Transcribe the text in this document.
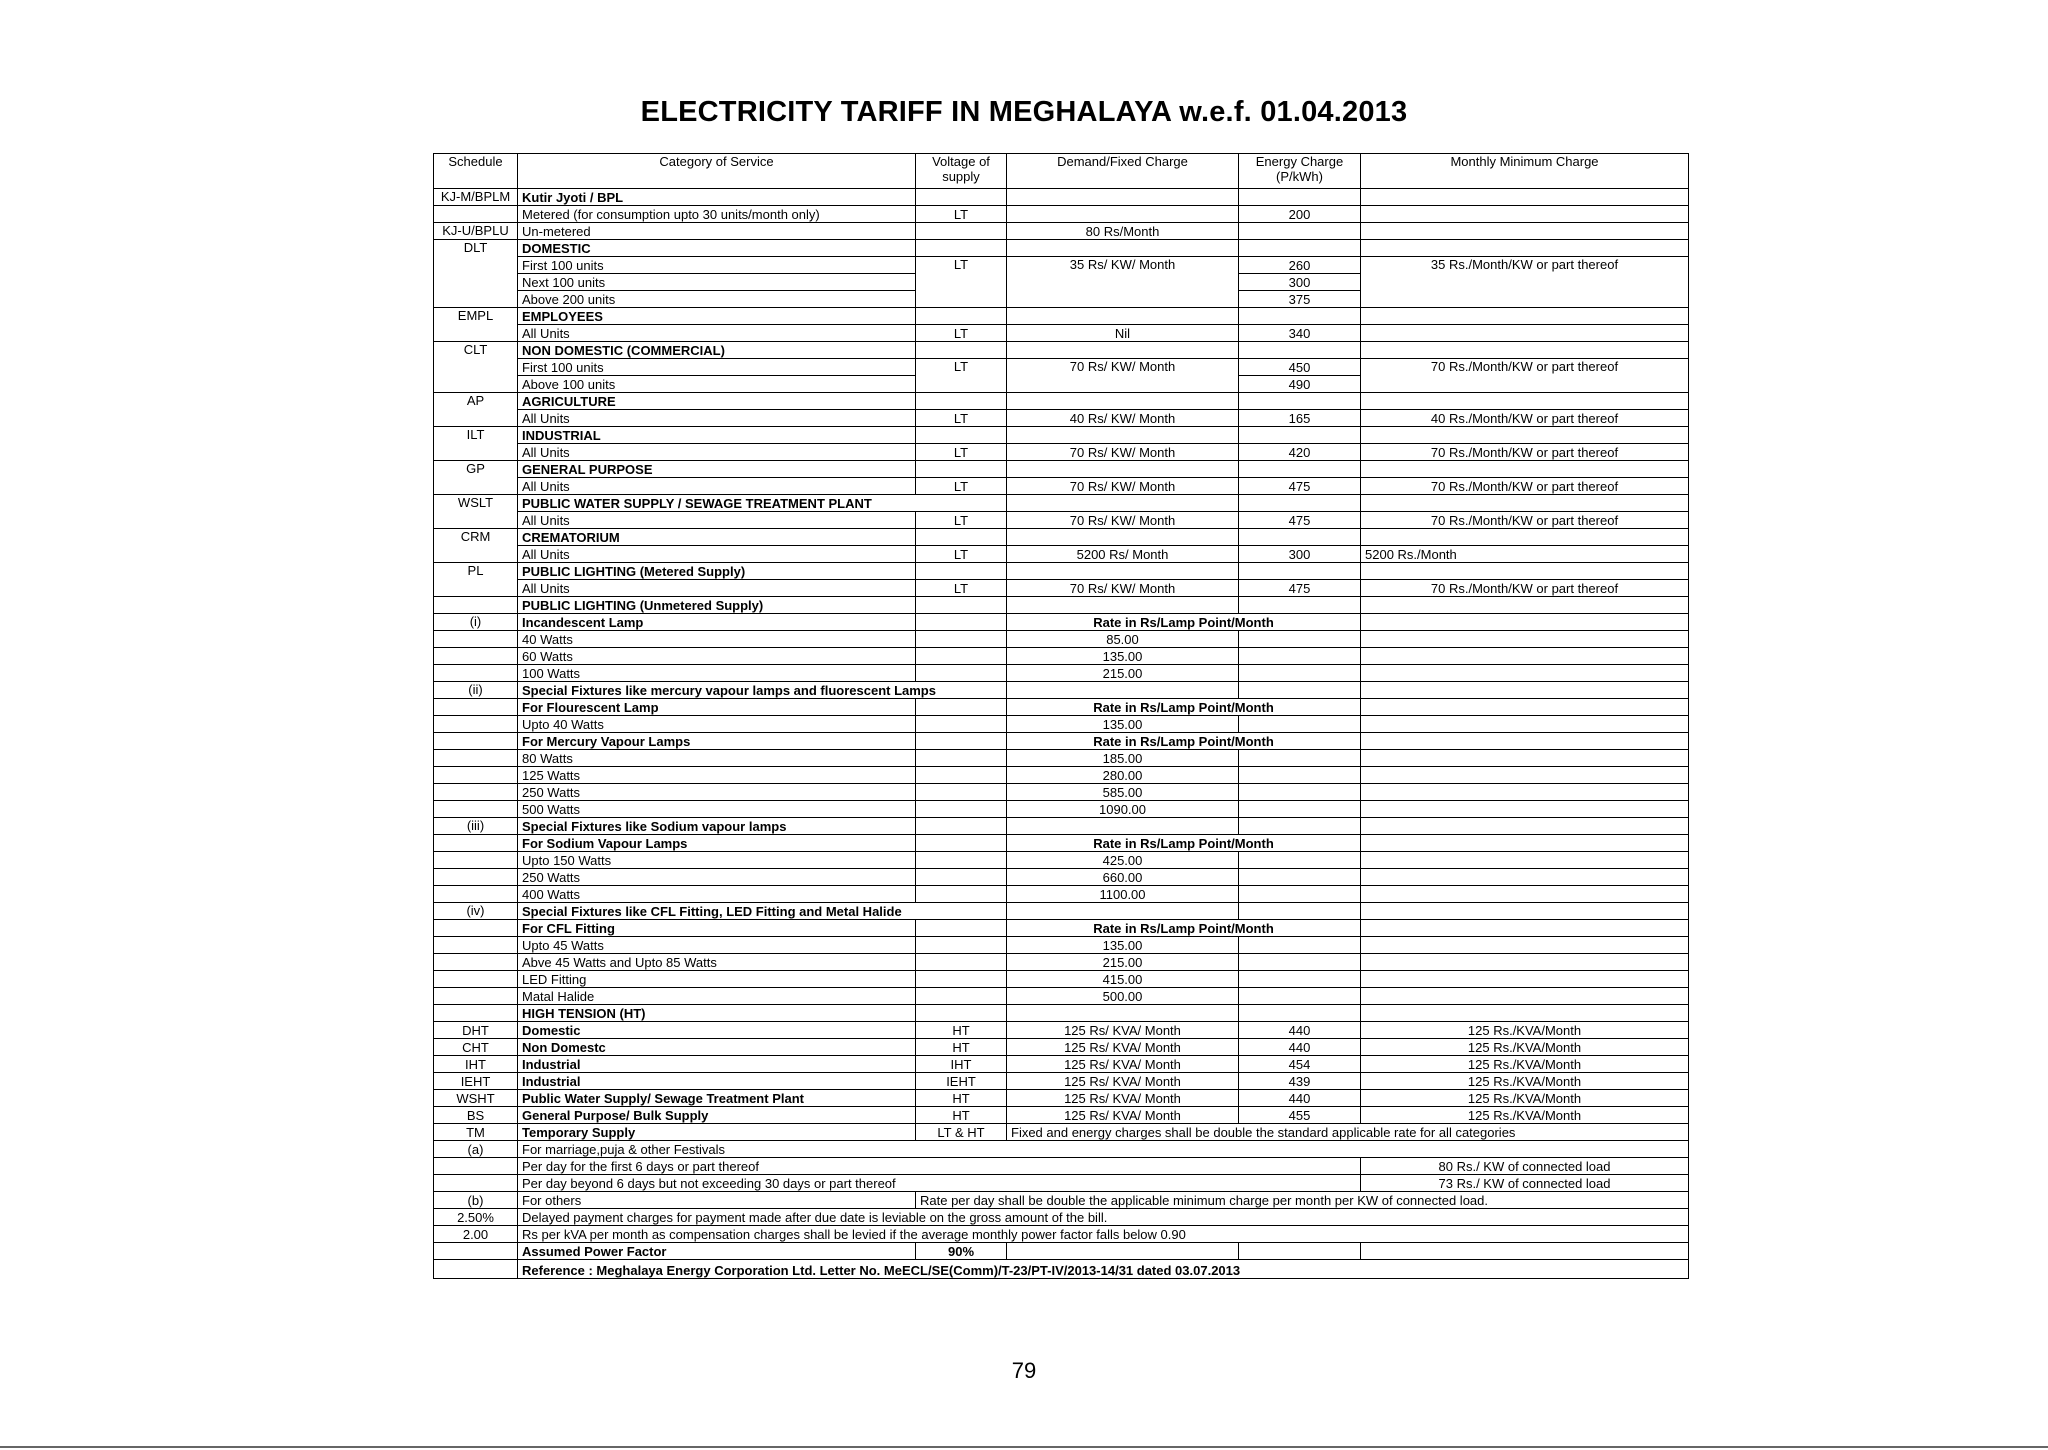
ELECTRICITY TARIFF IN MEGHALAYA w.e.f. 01.04.2013
Schedule	Category of Service	Voltage of supply	Demand/Fixed Charge	Energy Charge (P/kWh)	Monthly Minimum Charge
KJ-M/BPLM	Kutir Jyoti / BPL				
	Metered (for consumption upto 30 units/month only)	LT		200	
KJ-U/BPLU	Un-metered		80 Rs/Month		
DLT	DOMESTIC				
	First 100 units	LT	35 Rs/ KW/ Month	260	35 Rs./Month/KW or part thereof
	Next 100 units			300	
	Above 200 units			375	
EMPL	EMPLOYEES				
	All Units	LT	Nil	340	
CLT	NON DOMESTIC (COMMERCIAL)				
	First 100 units	LT	70 Rs/ KW/ Month	450	70 Rs./Month/KW or part thereof
	Above 100 units			490	
AP	AGRICULTURE				
	All Units	LT	40 Rs/ KW/ Month	165	40 Rs./Month/KW or part thereof
ILT	INDUSTRIAL				
	All Units	LT	70 Rs/ KW/ Month	420	70 Rs./Month/KW or part thereof
GP	GENERAL PURPOSE				
	All Units	LT	70 Rs/ KW/ Month	475	70 Rs./Month/KW or part thereof
WSLT	PUBLIC WATER SUPPLY / SEWAGE TREATMENT PLANT				
	All Units	LT	70 Rs/ KW/ Month	475	70 Rs./Month/KW or part thereof
CRM	CREMATORIUM				
	All Units	LT	5200 Rs/ Month	300	5200 Rs./Month
PL	PUBLIC LIGHTING (Metered Supply)				
	All Units	LT	70 Rs/ KW/ Month	475	70 Rs./Month/KW or part thereof
	PUBLIC LIGHTING (Unmetered Supply)				
(i)	Incandescent Lamp		Rate in Rs/Lamp Point/Month		
	40 Watts		85.00		
	60 Watts		135.00		
	100 Watts		215.00		
(ii)	Special Fixtures like mercury vapour lamps and fluorescent Lamps				
	For Flourescent Lamp		Rate in Rs/Lamp Point/Month		
	Upto 40 Watts		135.00		
	For Mercury Vapour Lamps		Rate in Rs/Lamp Point/Month		
	80 Watts		185.00		
	125 Watts		280.00		
	250 Watts		585.00		
	500 Watts		1090.00		
(iii)	Special Fixtures like Sodium vapour lamps				
	For Sodium Vapour Lamps		Rate in Rs/Lamp Point/Month		
	Upto 150 Watts		425.00		
	250 Watts		660.00		
	400 Watts		1100.00		
(iv)	Special Fixtures like CFL Fitting, LED Fitting and Metal Halide				
	For CFL Fitting		Rate in Rs/Lamp Point/Month		
	Upto 45 Watts		135.00		
	Abve 45 Watts and Upto 85 Watts		215.00		
	LED Fitting		415.00		
	Matal Halide		500.00		
	HIGH TENSION (HT)				
DHT	Domestic	HT	125 Rs/ KVA/ Month	440	125 Rs./KVA/Month
CHT	Non Domestc	HT	125 Rs/ KVA/ Month	440	125 Rs./KVA/Month
IHT	Industrial	IHT	125 Rs/ KVA/ Month	454	125 Rs./KVA/Month
IEHT	Industrial	IEHT	125 Rs/ KVA/ Month	439	125 Rs./KVA/Month
WSHT	Public Water Supply/ Sewage Treatment Plant	HT	125 Rs/ KVA/ Month	440	125 Rs./KVA/Month
BS	General Purpose/ Bulk Supply	HT	125 Rs/ KVA/ Month	455	125 Rs./KVA/Month
TM	Temporary Supply	LT & HT	Fixed and energy charges shall be double the standard applicable rate for all categories		
(a)	For marriage,puja & other Festivals				
	Per day for the first 6 days or part thereof				80 Rs./ KW of connected load
	Per day beyond 6 days but not exceeding 30 days or part thereof				73 Rs./ KW of connected load
(b)	For others	Rate per day shall be double the applicable minimum charge per month per KW of connected load.			
2.50%	Delayed payment charges for payment made after due date is leviable on the gross amount of the bill.				
2.00	Rs per kVA per month as compensation charges shall be levied if the average monthly power factor falls below 0.90				
	Assumed Power Factor	90%			
	Reference : Meghalaya Energy Corporation Ltd. Letter No. MeECL/SE(Comm)/T-23/PT-IV/2013-14/31 dated 03.07.2013				
79
